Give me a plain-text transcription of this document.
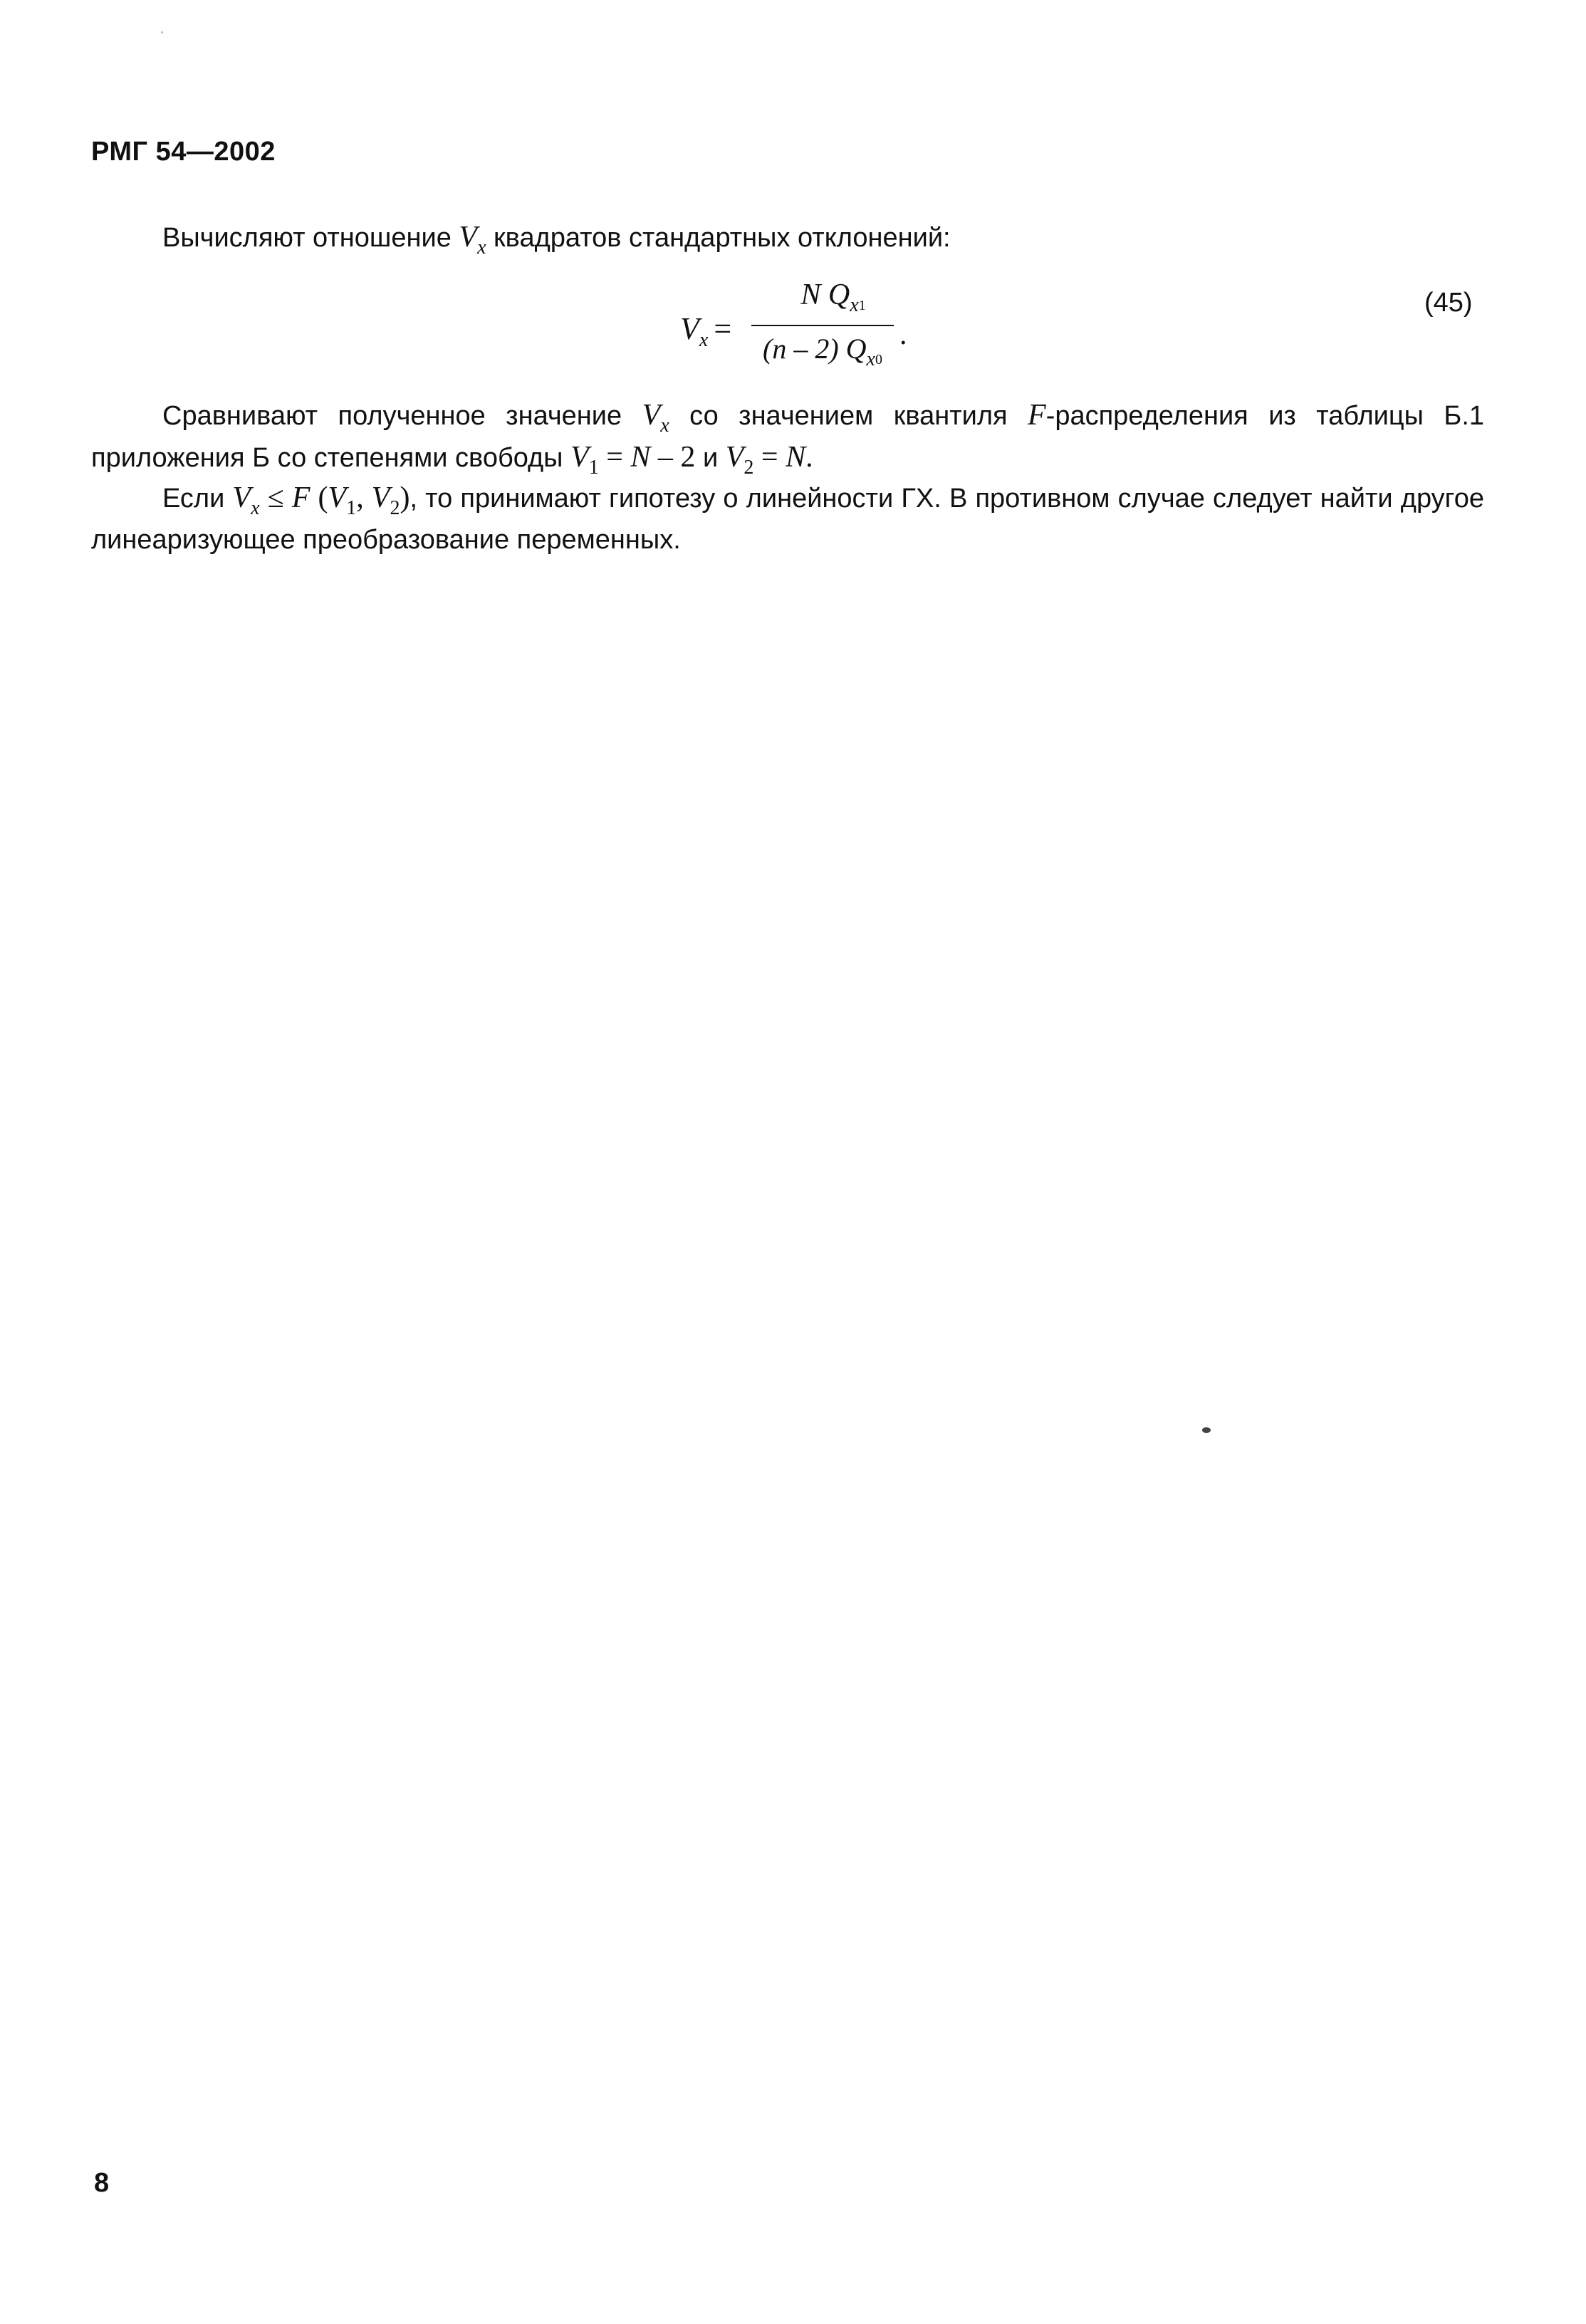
РМГ 54—2002
Вычисляют отношение $V_x$ квадратов стандартных отклонений:
$V_x$ =
N $Q_x1$
(n – 2) $Q_{x0}$
.
(45)
Сравнивают полученное значение $V_x$ со значением квантиля F-распределения из таблицы Б.1 приложения Б со степенями свободы $V_1 = N - 2$ и $V_2 = N$.
Если $V_x \le F$ ($V_1$, $V_2$), то принимают гипотезу о линейности ГХ. В противном случае следует найти другое линеаризующее преобразование переменных.
8
